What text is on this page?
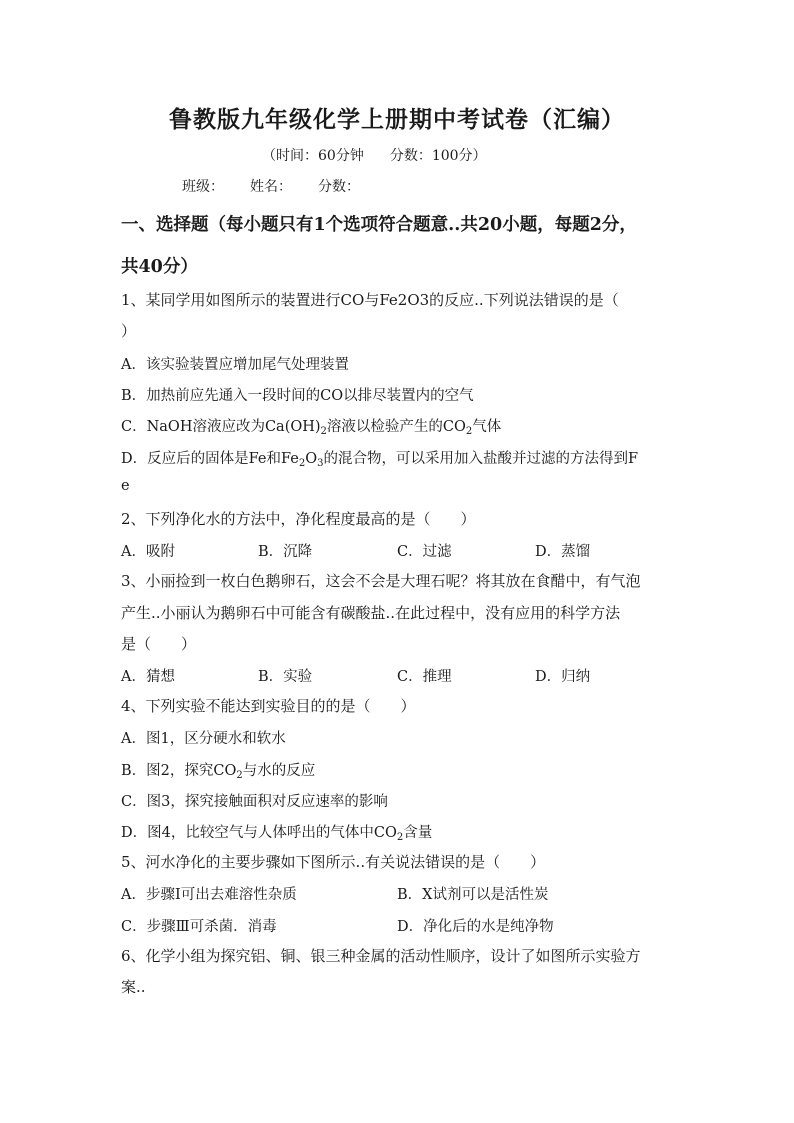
鲁教版九年级化学上册期中考试卷（汇编）
（时间：60分钟 分数：100分）
班级： 姓名： 分数：
一、选择题（每小题只有1个选项符合题意..共20小题，每题2分，
共40分）
1、某同学用如图所示的装置进行CO与Fe2O3的反应..下列说法错误的是（
）
A．该实验装置应增加尾气处理装置
B．加热前应先通入一段时间的CO以排尽装置内的空气
C．NaOH溶液应改为$Ca(OH)_2$溶液以检验产生的$CO_2$气体
D．反应后的固体是Fe和$Fe_2O_3$的混合物，可以采用加入盐酸并过滤的方法得到F
e
2、下列净化水的方法中，净化程度最高的是（　　）
A．吸附	B．沉降	C．过滤	D．蒸馏
3、小丽捡到一枚白色鹅卵石，这会不会是大理石呢？将其放在食醋中，有气泡
产生..小丽认为鹅卵石中可能含有碳酸盐..在此过程中，没有应用的科学方法
是（　　）
A．猜想	B．实验	C．推理	D．归纳
4、下列实验不能达到实验目的的是（　　）
A．图1，区分硬水和软水
B．图2，探究$CO_2$与水的反应
C．图3，探究接触面积对反应速率的影响
D．图4，比较空气与人体呼出的气体中$CO_2$含量
5、河水净化的主要步骤如下图所示..有关说法错误的是（　　）
A．步骤Ⅰ可出去难溶性杂质	B．X试剂可以是活性炭
C．步骤Ⅲ可杀菌．消毒	D．净化后的水是纯净物
6、化学小组为探究铝、铜、银三种金属的活动性顺序，设计了如图所示实验方
案..
